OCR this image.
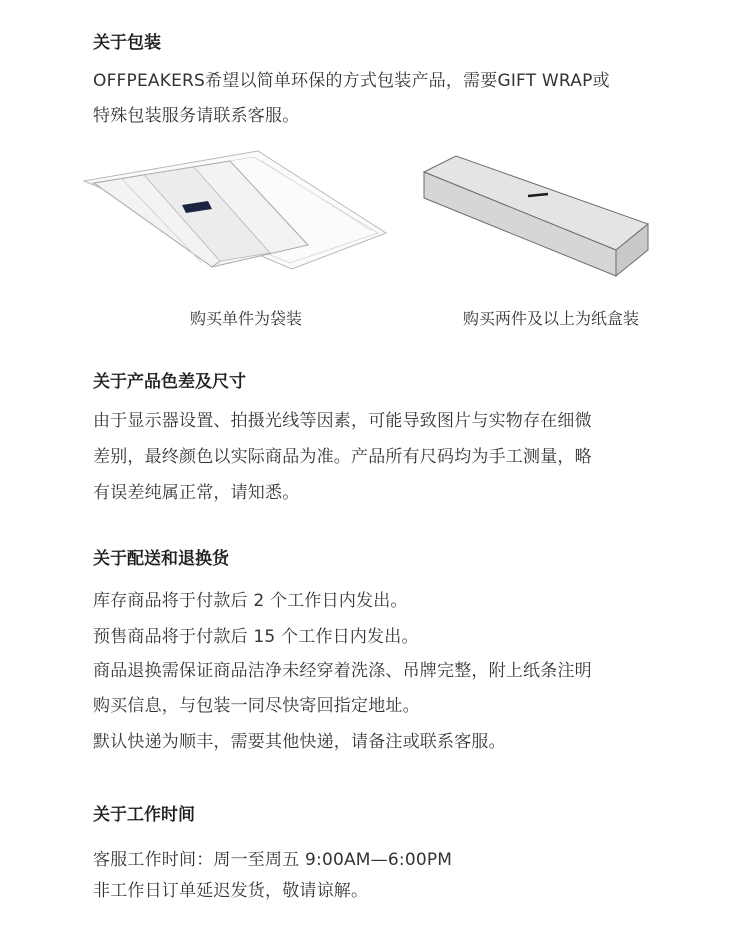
关于包装
OFFPEAKERS希望以简单环保的方式包装产品，需要GIFT WRAP或
特殊包装服务请联系客服。
购买单件为袋装	购买两件及以上为纸盒装
关于产品色差及尺寸
由于显示器设置、拍摄光线等因素，可能导致图片与实物存在细微
差别，最终颜色以实际商品为准。产品所有尺码均为手工测量，略
有误差纯属正常，请知悉。
关于配送和退换货
库存商品将于付款后 2 个工作日内发出。
预售商品将于付款后 15 个工作日内发出。
商品退换需保证商品洁净未经穿着洗涤、吊牌完整，附上纸条注明
购买信息，与包装一同尽快寄回指定地址。
默认快递为顺丰，需要其他快递，请备注或联系客服。
关于工作时间
客服工作时间：周一至周五 9:00AM—6:00PM
非工作日订单延迟发货，敬请谅解。
